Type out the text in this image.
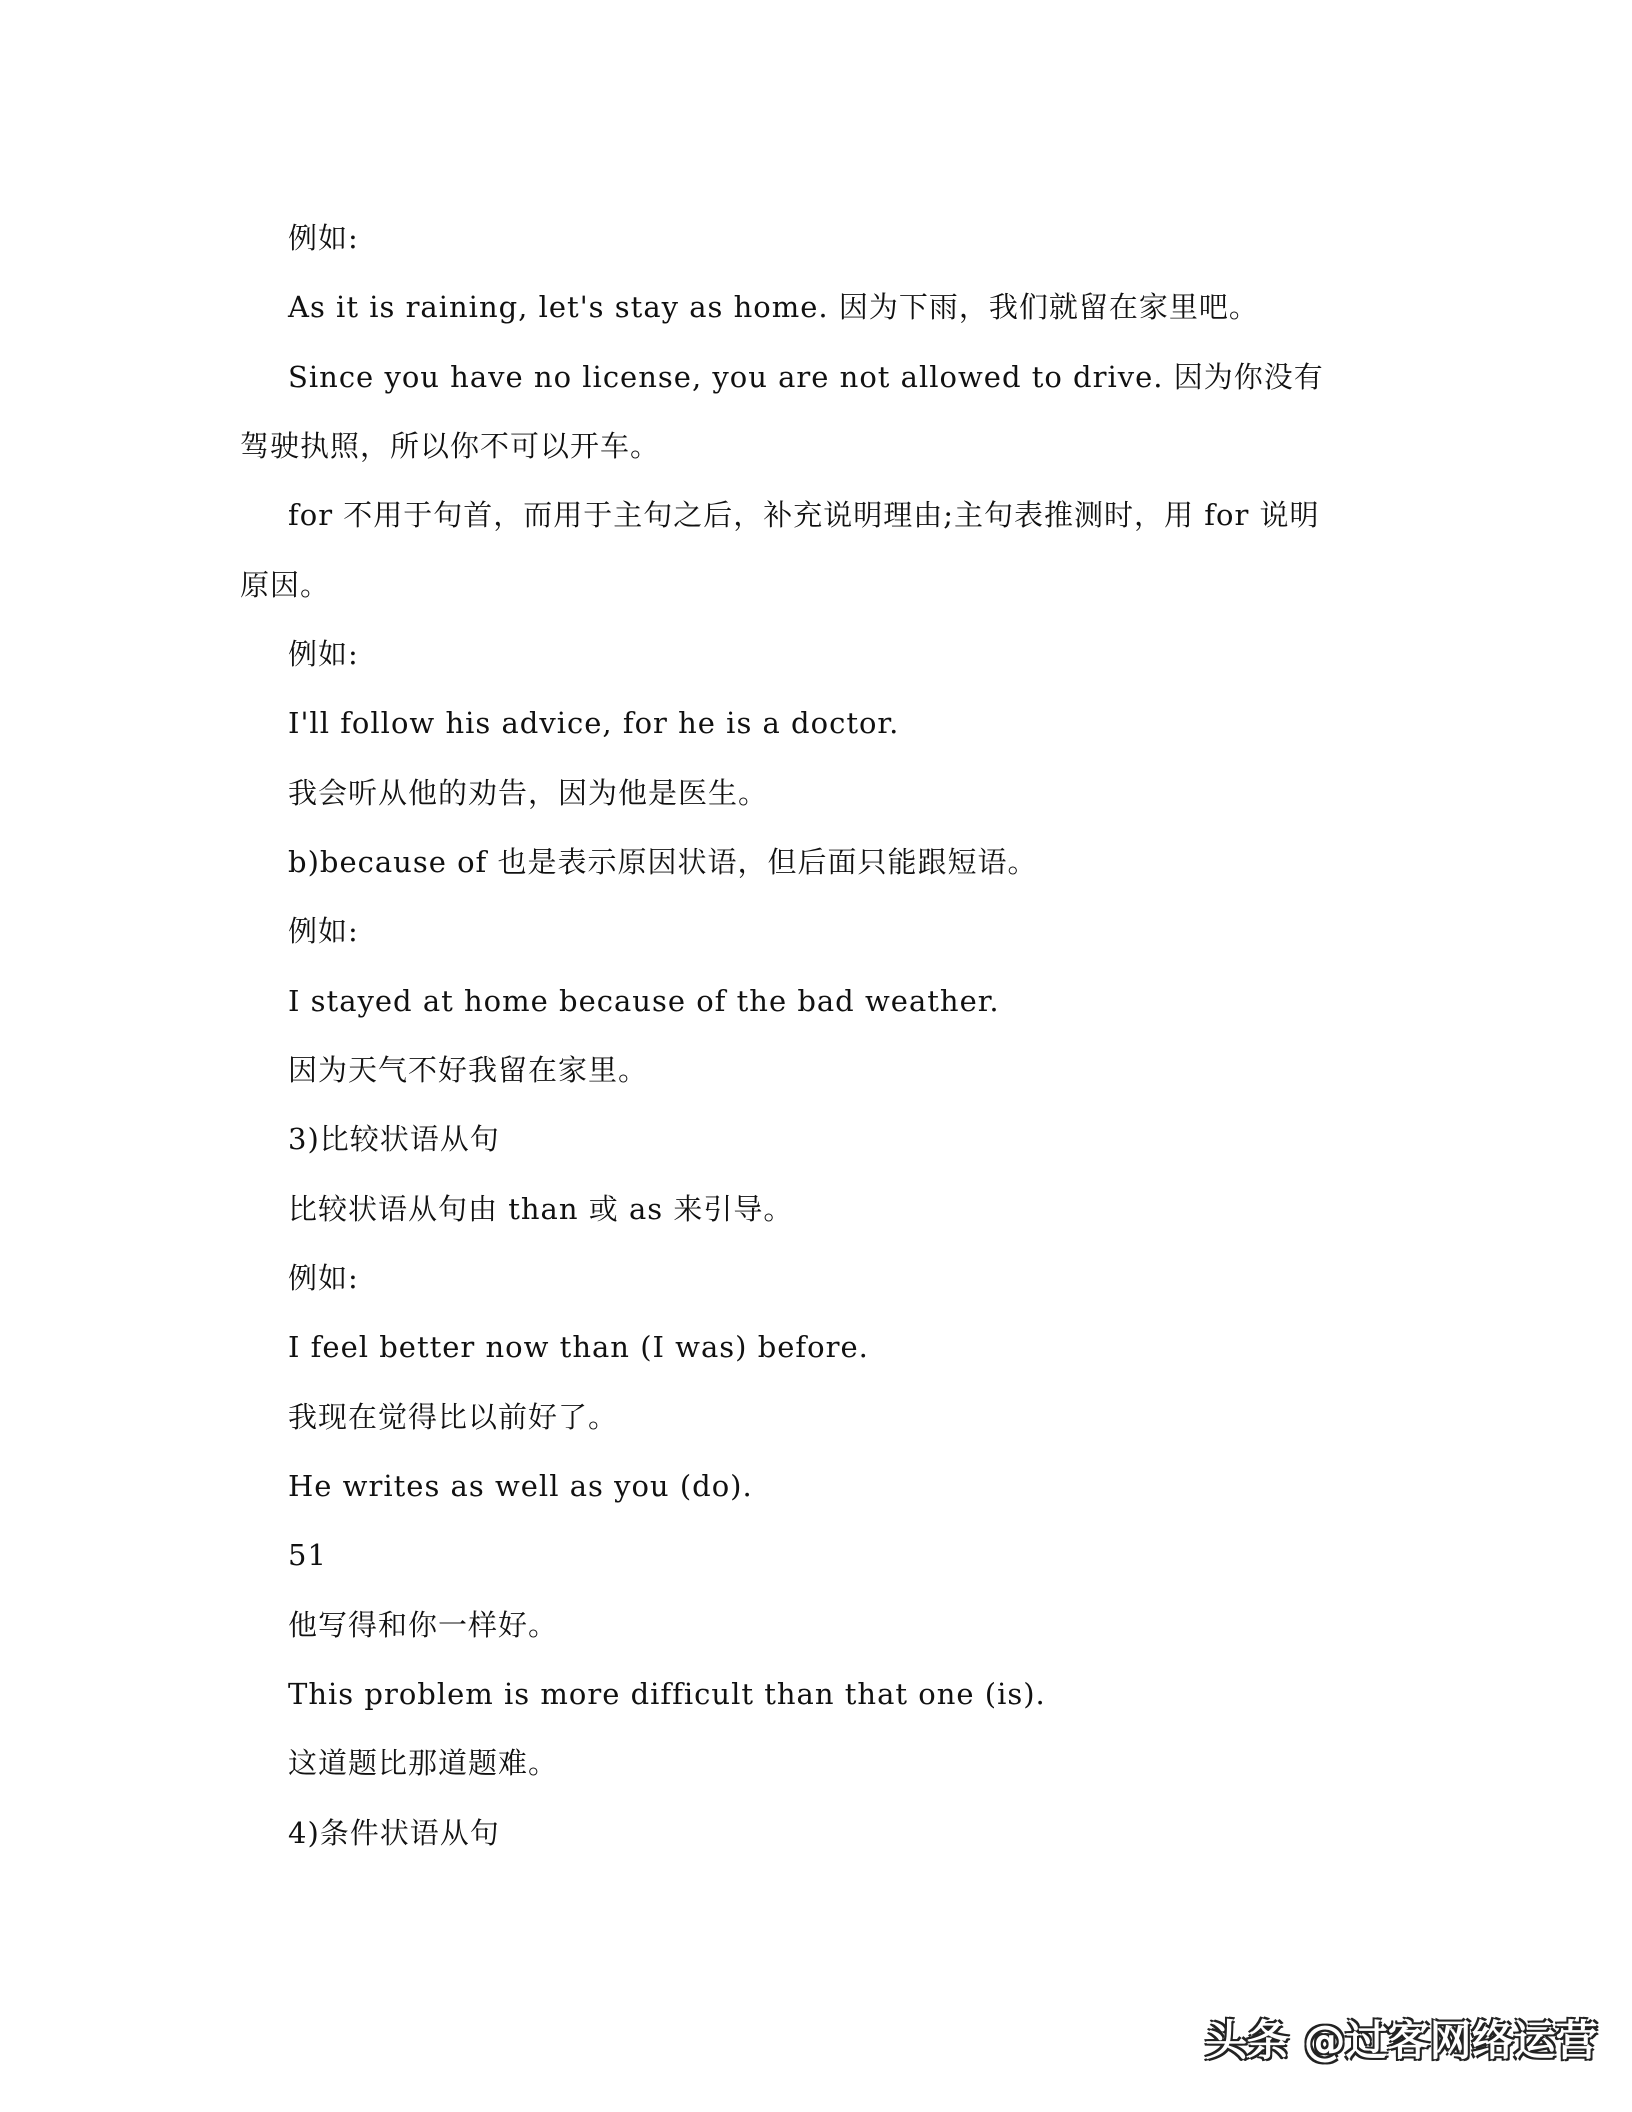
例如:
As it is raining, let's stay as home. 因为下雨，我们就留在家里吧。
Since you have no license, you are not allowed to drive. 因为你没有
驾驶执照，所以你不可以开车。
for 不用于句首，而用于主句之后，补充说明理由;主句表推测时，用 for 说明
原因。
例如:
I'll follow his advice, for he is a doctor.
我会听从他的劝告，因为他是医生。
b)because of 也是表示原因状语，但后面只能跟短语。
例如:
I stayed at home because of the bad weather.
因为天气不好我留在家里。
3)比较状语从句
比较状语从句由 than 或 as 来引导。
例如:
I feel better now than (I was) before.
我现在觉得比以前好了。
He writes as well as you (do).
51
他写得和你一样好。
This problem is more difficult than that one (is).
这道题比那道题难。
4)条件状语从句
头条 @过客网络运营
